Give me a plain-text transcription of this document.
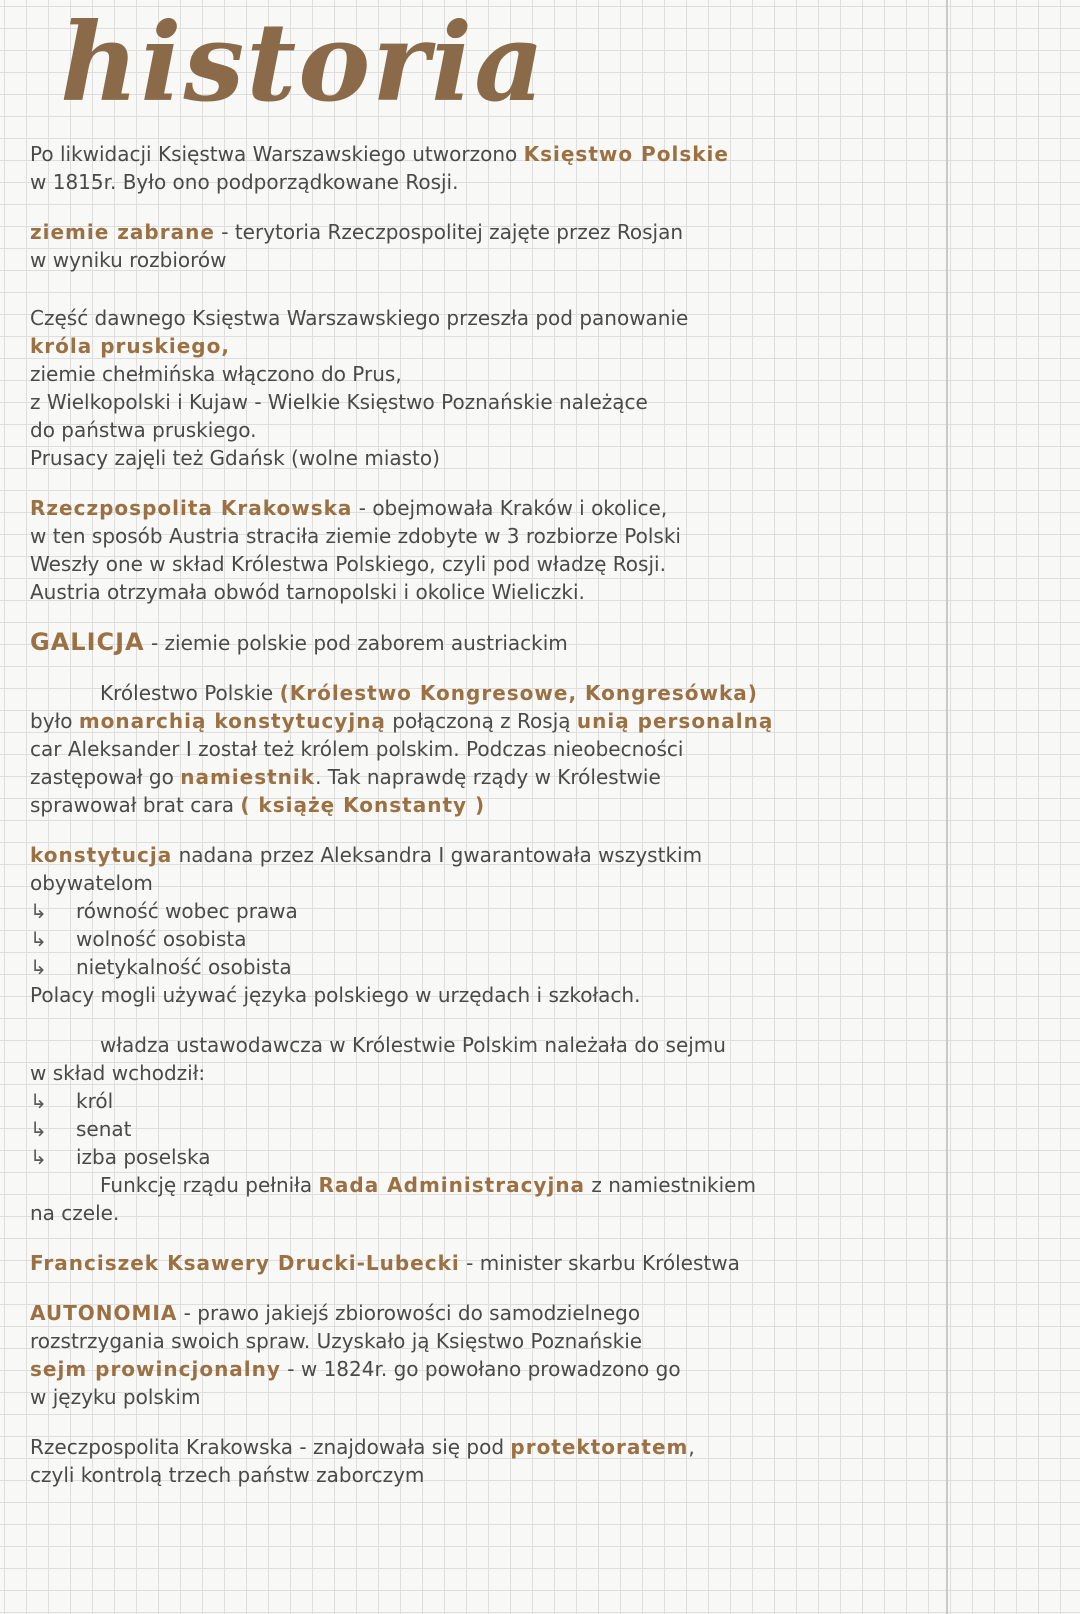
historia
Po likwidacji Księstwa Warszawskiego utworzono Księstwo Polskie
w 1815r. Było ono podporządkowane Rosji.
ziemie zabrane - terytoria Rzeczpospolitej zajęte przez Rosjan
w wyniku rozbiorów
Część dawnego Księstwa Warszawskiego przeszła pod panowanie
króla pruskiego,
ziemie chełmińska włączono do Prus,
z Wielkopolski i Kujaw - Wielkie Księstwo Poznańskie należące
do państwa pruskiego.
Prusacy zajęli też Gdańsk (wolne miasto)
Rzeczpospolita Krakowska - obejmowała Kraków i okolice,
w ten sposób Austria straciła ziemie zdobyte w 3 rozbiorze Polski
Weszły one w skład Królestwa Polskiego, czyli pod władzę Rosji.
Austria otrzymała obwód tarnopolski i okolice Wieliczki.
GALICJA - ziemie polskie pod zaborem austriackim
Królestwo Polskie (Królestwo Kongresowe, Kongresówka)
było monarchią konstytucyjną połączoną z Rosją unią personalną
car Aleksander I został też królem polskim. Podczas nieobecności
zastępował go namiestnik. Tak naprawdę rządy w Królestwie
sprawował brat cara ( książę Konstanty )
konstytucja nadana przez Aleksandra I gwarantowała wszystkim
obywatelom
↳ równość wobec prawa
↳ wolność osobista
↳ nietykalność osobista
Polacy mogli używać języka polskiego w urzędach i szkołach.
władza ustawodawcza w Królestwie Polskim należała do sejmu
w skład wchodził:
↳ król
↳ senat
↳ izba poselska
Funkcję rządu pełniła Rada Administracyjna z namiestnikiem
na czele.
Franciszek Ksawery Drucki-Lubecki - minister skarbu Królestwa
AUTONOMIA - prawo jakiejś zbiorowości do samodzielnego
rozstrzygania swoich spraw. Uzyskało ją Księstwo Poznańskie
sejm prowincjonalny - w 1824r. go powołano prowadzono go
w języku polskim
Rzeczpospolita Krakowska - znajdowała się pod protektoratem,
czyli kontrolą trzech państw zaborczym
